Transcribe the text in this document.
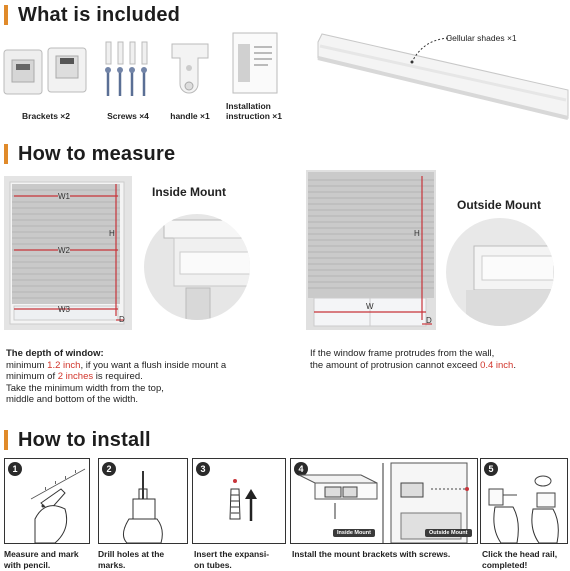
What is included
Brackets ×2	Screws ×4	handle ×1
Installation instruction ×1
Cellular shades ×1
How to measure
W1
W2
W3
H
D
Inside Mount
W
H
D
Outside Mount
The depth of window:
minimum 1.2 inch, if you want a flush inside mount a
minimum of 2 inches is required.
Take the minimum width from the top,
middle and bottom of the width.
If the window frame protrudes from the wall,
the amount of protrusion cannot exceed 0.4 inch.
How to install
1
Measure and mark
with pencil.
2
Drill holes at the
marks.
3
Insert the expansi-
on tubes.
4
Inside Mount	Outside Mount
Install the mount brackets with screws.
5
Click the head rail,
completed!
